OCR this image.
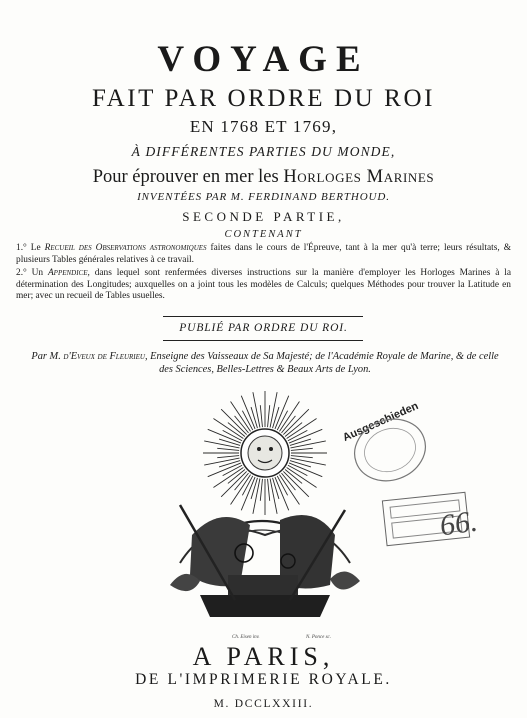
VOYAGE
FAIT PAR ORDRE DU ROI
EN 1768 ET 1769,
À DIFFÉRENTES PARTIES DU MONDE,
Pour éprouver en mer les Horloges Marines
INVENTÉES PAR M. FERDINAND BERTHOUD.
SECONDE PARTIE,
CONTENANT
1.° Le Recueil des Observations astronomiques faites dans le cours de l'Épreuve, tant à la mer qu'à terre; leurs résultats, & plusieurs Tables générales relatives à ce travail.
2.° Un Appendice, dans lequel sont renfermées diverses instructions sur la manière d'employer les Horloges Marines à la détermination des Longitudes; auxquelles on a joint tous les modèles de Calculs; quelques Méthodes pour trouver la Latitude en mer; avec un recueil de Tables usuelles.
PUBLIÉ PAR ORDRE DU ROI.
Par M. d'Eveux de Fleurieu, Enseigne des Vaisseaux de Sa Majesté; de l'Académie Royale de Marine, & de celle des Sciences, Belles-Lettres & Beaux Arts de Lyon.
Ausgeschieden
66.
Ch. Eisen inv.	N. Ponce sc.
A PARIS,
DE L'IMPRIMERIE ROYALE.
M. DCCLXXIII.
